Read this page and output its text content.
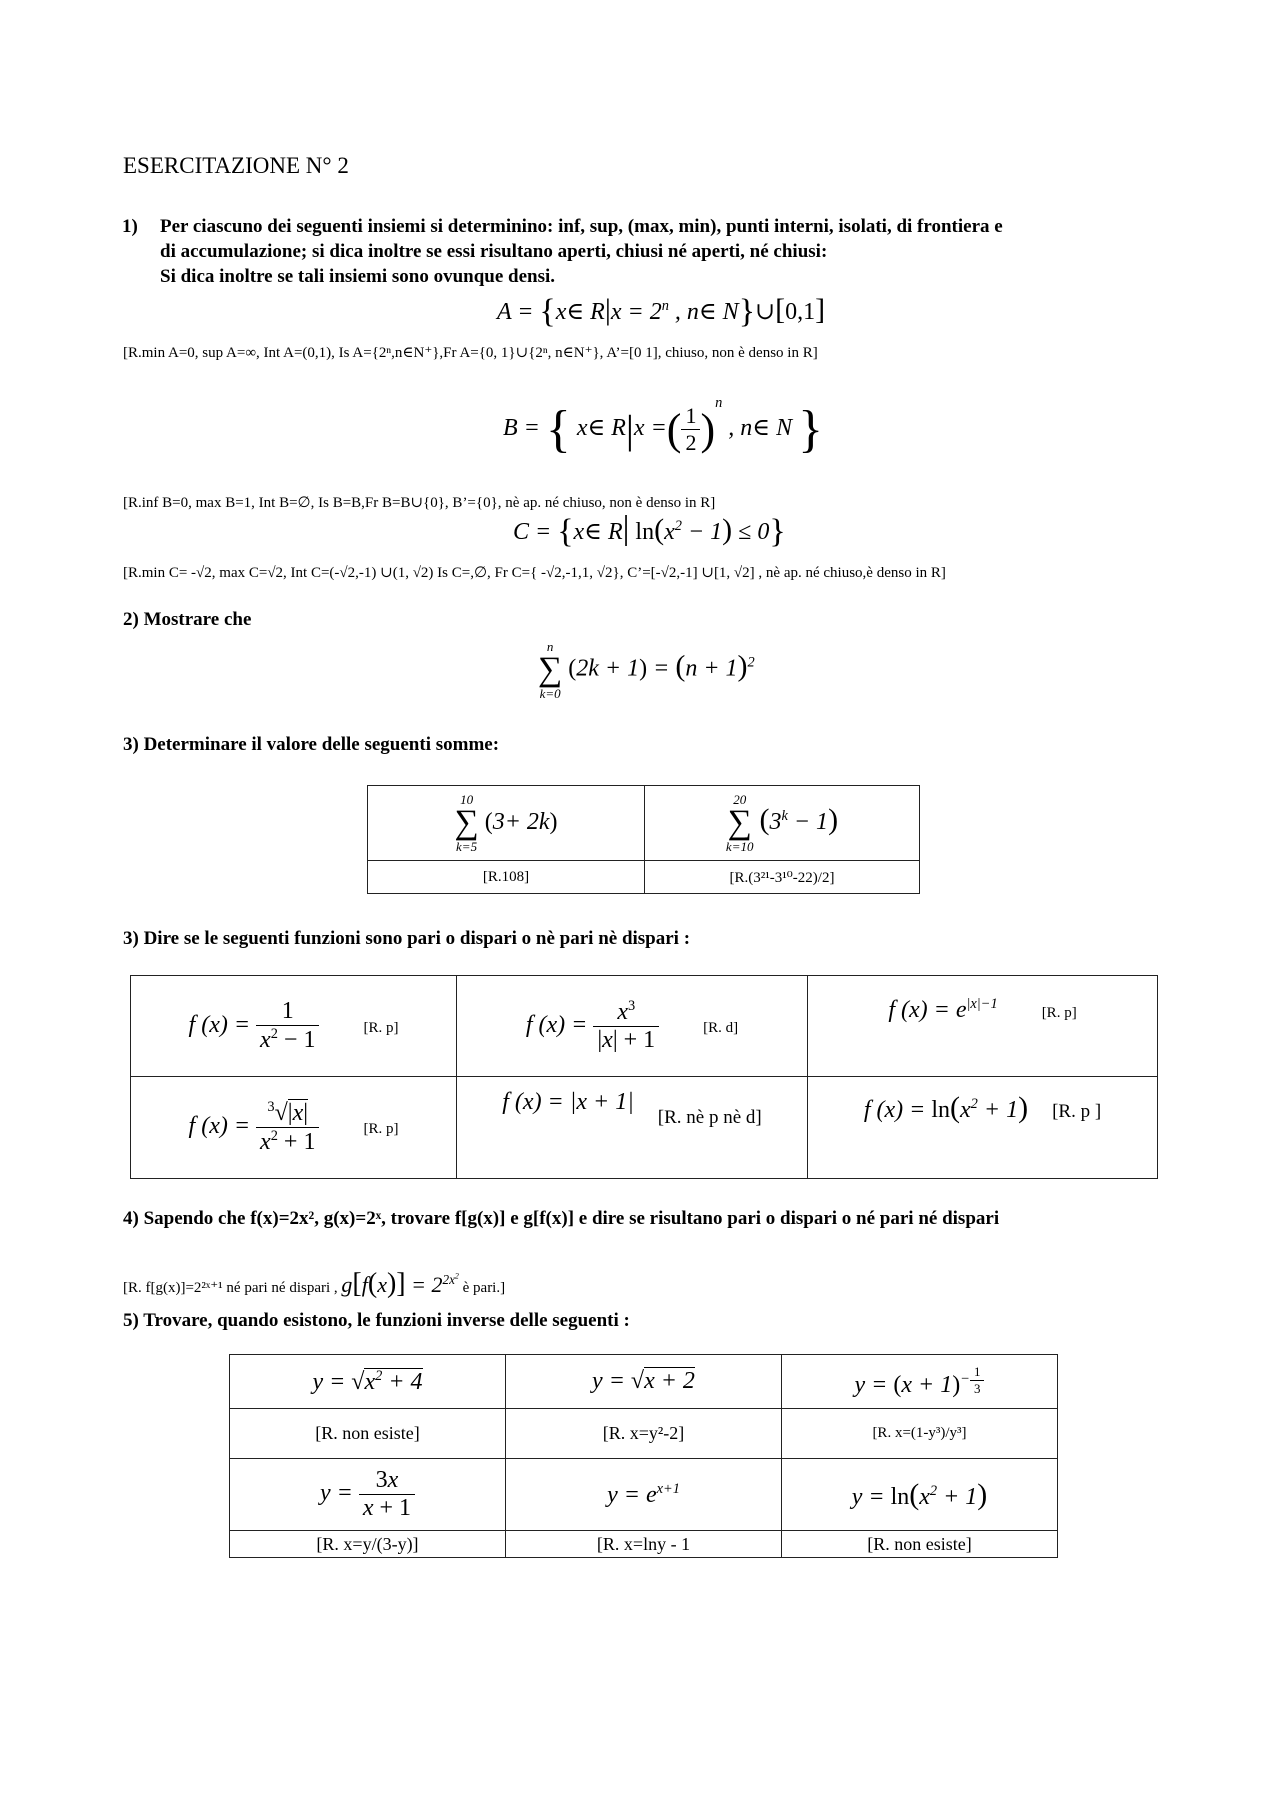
ESERCITAZIONE N° 2
1) Per ciascuno dei seguenti insiemi si determinino: inf, sup, (max, min), punti interni, isolati, di frontiera e
di accumulazione; si dica inoltre se essi risultano aperti, chiusi né aperti, né chiusi:
Si dica inoltre se tali insiemi sono ovunque densi.
A = {x∈ $R|x = 2^n$ , n∈ N}∪[0,1]
[R.min A=0, sup A=∞, Int A=(0,1), Is A={2ⁿ,n∈N⁺},Fr A={0, 1}∪{2ⁿ, n∈N⁺}, A’=[0 1], chiuso, non è denso in R]
B = { x∈ R|x =( $\frac{1}{2} )^n$ , n∈ N }
[R.inf B=0, max B=1, Int B=∅, Is B=B,Fr B=B∪{0}, B’={0}, nè ap. né chiuso, non è denso in R]
C = {x∈ R| $\ln(x^2 - 1) \le 0$}
[R.min C= -√2, max C=√2, Int C=(-√2,-1) ∪(1, √2) Is C=,∅, Fr C={ -√2,-1,1, √2}, C’=[-√2,-1] ∪[1, √2] , nè ap. né chiuso,è denso in R]
2) Mostrare che
n
∑
k=0
$(2k + 1) = (n + 1)^2$
3) Determinare il valore delle seguenti somme:
10
∑
k=5
(3+ 2k)	20
∑
k=10
$(3^k - 1)$
[R.108]	[R.(3²¹-3¹⁰-22)/2]
3) Dire se le seguenti funzioni sono pari o dispari o nè pari nè dispari :
f $(x) = \frac{1}{x^2 - 1} [R$. p]	f $(x) = \frac{x^3}{|x| + 1} [R$. d]	f $(x) = e^{|x|-1}$ [R. p]
f $(x) = \frac{^3√|x|}{x^2 + 1} [R$. p]	f (x) = |x + 1| [R. nè p nè d]	f $(x) = \ln(x^2 + 1)$ [R. p ]
4) Sapendo che f(x)=2x², g(x)=2ˣ, trovare f[g(x)] e g[f(x)] e dire se risultano pari o dispari o né pari né dispari
[R. f[g(x)]=2²ˣ⁺¹ né pari né dispari , $g[f(x)] = 2^{2x^2}$ è pari.]
5) Trovare, quando esistono, le funzioni inverse delle seguenti :
$y = √x^2 + 4$	y = √x + 2	$y = (x + 1)^{- \frac{1}{3}}$

[R. non esiste]	[R. x=y²-2]	[R. x=(1-y³)/y³]
$y = \frac{3x}{x + 1}$	$y = e^{x+1}$	$y = \ln(x^2 + 1)$
[R. x=y/(3-y)]	[R. x=lny - 1	[R. non esiste]
